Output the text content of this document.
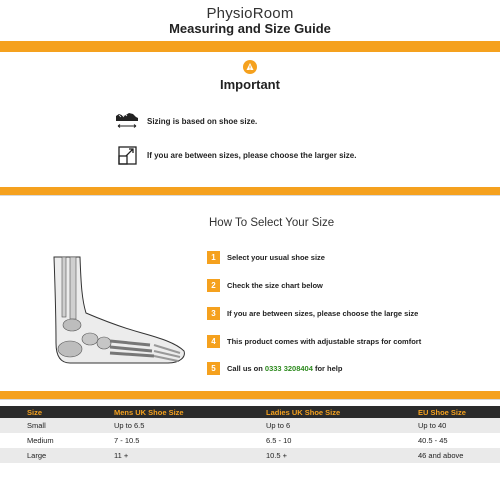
PhysioRoom
Measuring and Size Guide
Important
Sizing is based on shoe size.
If you are between sizes, please choose the larger size.
How To Select Your Size
1	Select your usual shoe size
2	Check the size chart below
3	If you are between sizes, please choose the large size
4	This product comes with adjustable straps for comfort
5	Call us on 0333 3208404 for help
Size	Mens UK Shoe Size	Ladies UK Shoe Size	EU Shoe Size
Small	Up to 6.5	Up to 6	Up to 40
Medium	7 - 10.5	6.5 - 10	40.5 - 45
Large	11 +	10.5 +	46 and above
